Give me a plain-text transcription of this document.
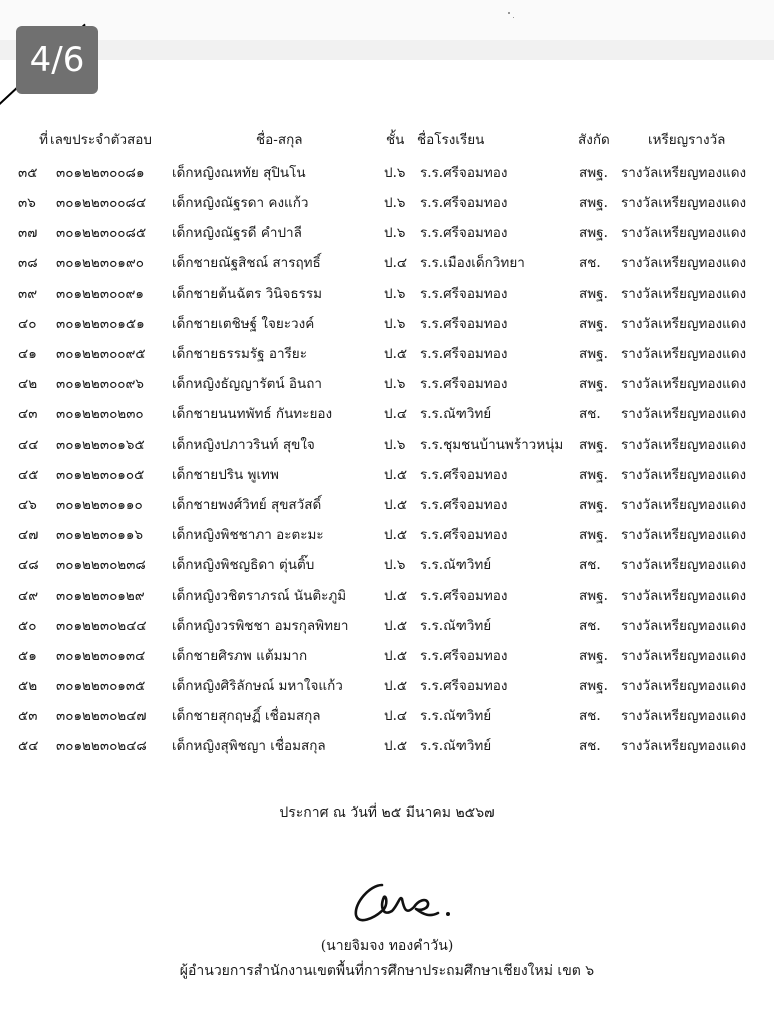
4/6
ที่ เลขประจำตัวสอบ	ชื่อ-สกุล	ชั้น ชื่อโรงเรียน	สังกัด	เหรียญรางวัล
๓๕ ๓๐๑๒๒๓๐๐๘๑ เด็กหญิงณหทัย สุปินโน	ป.๖ ร.ร.ศรีจอมทอง	สพฐ. รางวัลเหรียญทองแดง
๓๖ ๓๐๑๒๒๓๐๐๘๔ เด็กหญิงณัฐรดา คงแก้ว	ป.๖ ร.ร.ศรีจอมทอง	สพฐ. รางวัลเหรียญทองแดง
๓๗ ๓๐๑๒๒๓๐๐๘๕ เด็กหญิงณัฐรดี คำปาลี	ป.๖ ร.ร.ศรีจอมทอง	สพฐ. รางวัลเหรียญทองแดง
๓๘ ๓๐๑๒๒๓๐๑๙๐ เด็กชายณัฐสิชณ์ สารฤทธิ์	ป.๔ ร.ร.เมืองเด็กวิทยา	สช. รางวัลเหรียญทองแดง
๓๙ ๓๐๑๒๒๓๐๐๙๑ เด็กชายต้นฉัตร วินิจธรรม	ป.๖ ร.ร.ศรีจอมทอง	สพฐ. รางวัลเหรียญทองแดง
๔๐ ๓๐๑๒๒๓๐๑๕๑ เด็กชายเตชิษฐ์ ใจยะวงค์	ป.๖ ร.ร.ศรีจอมทอง	สพฐ. รางวัลเหรียญทองแดง
๔๑ ๓๐๑๒๒๓๐๐๙๕ เด็กชายธรรมรัฐ อารียะ	ป.๕ ร.ร.ศรีจอมทอง	สพฐ. รางวัลเหรียญทองแดง
๔๒ ๓๐๑๒๒๓๐๐๙๖ เด็กหญิงธัญญารัตน์ อินถา	ป.๖ ร.ร.ศรีจอมทอง	สพฐ. รางวัลเหรียญทองแดง
๔๓ ๓๐๑๒๒๓๐๒๓๐ เด็กชายนนทพัทธ์ กันทะยอง	ป.๔ ร.ร.ณัฑวิทย์	สช. รางวัลเหรียญทองแดง
๔๔ ๓๐๑๒๒๓๐๑๖๕ เด็กหญิงปภาวรินท์ สุขใจ	ป.๖ ร.ร.ชุมชนบ้านพร้าวหนุ่ม สพฐ. รางวัลเหรียญทองแดง
๔๕ ๓๐๑๒๒๓๐๑๐๕ เด็กชายปริน พูเทพ	ป.๕ ร.ร.ศรีจอมทอง	สพฐ. รางวัลเหรียญทองแดง
๔๖ ๓๐๑๒๒๓๐๑๑๐ เด็กชายพงศ์วิทย์ สุขสวัสดิ์	ป.๕ ร.ร.ศรีจอมทอง	สพฐ. รางวัลเหรียญทองแดง
๔๗ ๓๐๑๒๒๓๐๑๑๖ เด็กหญิงพิชชาภา อะตะมะ	ป.๕ ร.ร.ศรีจอมทอง	สพฐ. รางวัลเหรียญทองแดง
๔๘ ๓๐๑๒๒๓๐๒๓๘ เด็กหญิงพิชญธิดา ตุ่นติ๊บ	ป.๖ ร.ร.ณัฑวิทย์	สช. รางวัลเหรียญทองแดง
๔๙ ๓๐๑๒๒๓๐๑๒๙ เด็กหญิงวชิตราภรณ์ นันติะภูมิ	ป.๕ ร.ร.ศรีจอมทอง	สพฐ. รางวัลเหรียญทองแดง
๕๐ ๓๐๑๒๒๓๐๒๔๔ เด็กหญิงวรพิชชา อมรกุลพิทยา	ป.๕ ร.ร.ณัฑวิทย์	สช. รางวัลเหรียญทองแดง
๕๑ ๓๐๑๒๒๓๐๑๓๔ เด็กชายศิรภพ แต้มมาก	ป.๕ ร.ร.ศรีจอมทอง	สพฐ. รางวัลเหรียญทองแดง
๕๒ ๓๐๑๒๒๓๐๑๓๕ เด็กหญิงศิริลักษณ์ มหาใจแก้ว	ป.๕ ร.ร.ศรีจอมทอง	สพฐ. รางวัลเหรียญทองแดง
๕๓ ๓๐๑๒๒๓๐๒๔๗ เด็กชายสุกฤษฏิ์ เชื่อมสกุล	ป.๔ ร.ร.ณัฑวิทย์	สช. รางวัลเหรียญทองแดง
๕๔ ๓๐๑๒๒๓๐๒๔๘ เด็กหญิงสุพิชญา เชื่อมสกุล	ป.๕ ร.ร.ณัฑวิทย์	สช. รางวัลเหรียญทองแดง
ประกาศ ณ วันที่ ๒๕ มีนาคม ๒๕๖๗
(นายจิมจง ทองคำวัน)
ผู้อำนวยการสำนักงานเขตพื้นที่การศึกษาประถมศึกษาเชียงใหม่ เขต ๖
